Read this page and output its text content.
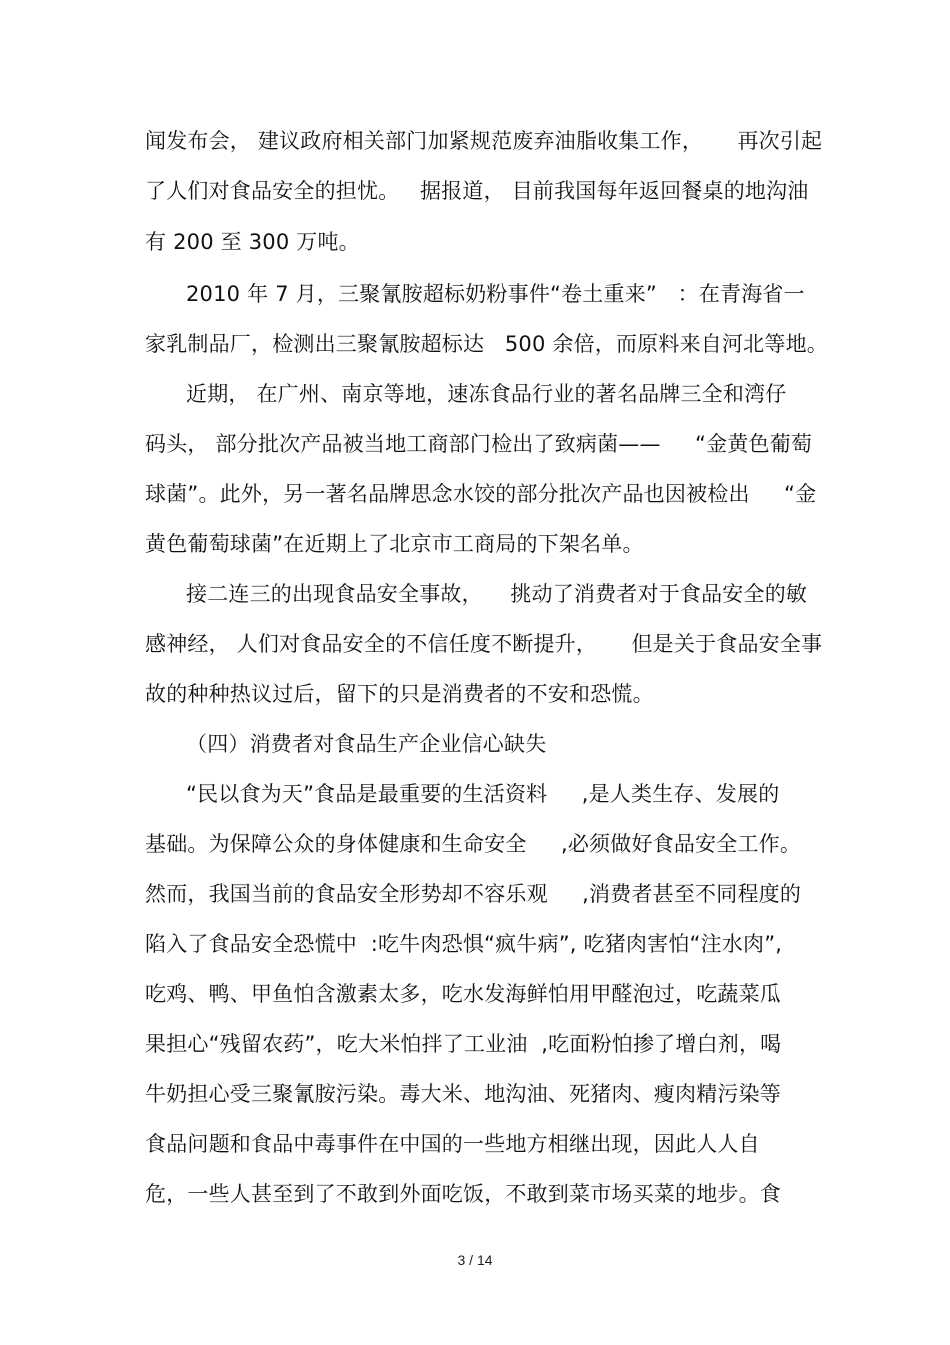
闻发布会， 建议政府相关部门加紧规范废弃油脂收集工作，     再次引起
了人们对食品安全的担忧。   据报道， 目前我国每年返回餐桌的地沟油
有 200 至 300 万吨。
2010 年 7 月，三聚氰胺超标奶粉事件“卷土重来”   ：在青海省一
家乳制品厂，检测出三聚氰胺超标达   500 余倍，而原料来自河北等地。
近期， 在广州、南京等地，速冻食品行业的著名品牌三全和湾仔
码头， 部分批次产品被当地工商部门检出了致病菌——     “金黄色葡萄
球菌”。此外，另一著名品牌思念水饺的部分批次产品也因被检出     “金
黄色葡萄球菌”在近期上了北京市工商局的下架名单。
接二连三的出现食品安全事故，    挑动了消费者对于食品安全的敏
感神经， 人们对食品安全的不信任度不断提升，     但是关于食品安全事
故的种种热议过后，留下的只是消费者的不安和恐慌。
（四）消费者对食品生产企业信心缺失
“民以食为天”食品是最重要的生活资料     ,是人类生存、发展的
基础。为保障公众的身体健康和生命安全     ,必须做好食品安全工作。
然而，我国当前的食品安全形势却不容乐观     ,消费者甚至不同程度的
陷入了食品安全恐慌中  :吃牛肉恐惧“疯牛病”, 吃猪肉害怕“注水肉”,
吃鸡、鸭、甲鱼怕含激素太多，吃水发海鲜怕用甲醛泡过，吃蔬菜瓜
果担心“残留农药”，吃大米怕拌了工业油  ,吃面粉怕掺了增白剂，喝
牛奶担心受三聚氰胺污染。毒大米、地沟油、死猪肉、瘦肉精污染等
食品问题和食品中毒事件在中国的一些地方相继出现，因此人人自
危，一些人甚至到了不敢到外面吃饭，不敢到菜市场买菜的地步。食
3 / 14
